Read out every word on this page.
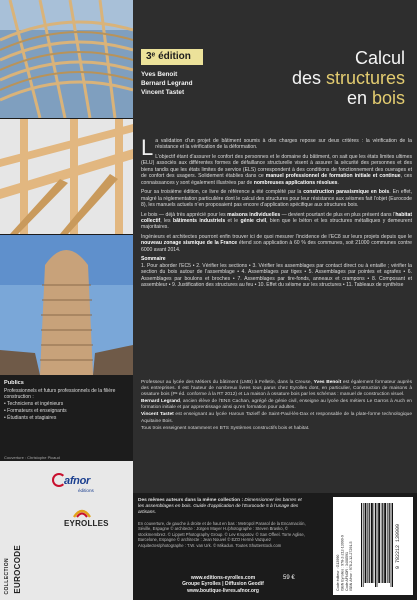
Publics
Professionnels et futurs professionnels de la filière construction :
• Techniciens et ingénieurs
• Formateurs et enseignants
• Étudiants et stagiaires
Couverture : Christophe Picaud
COLLECTION EUROCODE
afnor
éditions
EYROLLES
3ᵉ édition
Yves Benoit
Bernard Legrand
Vincent Tastet
Calcul
des structures
en bois

La validation d’un projet de bâtiment soumis à des charges repose sur deux critères : la vérification de la résistance et la vérification de la déformation.

L’objectif étant d’assurer le confort des personnes et le domaine du bâtiment, on sait que les états limites ultimes (ELU) associés aux différentes formes de défaillance structurelle visent à assurer la sécurité des personnes et des biens tandis que les états limites de service (ELS) correspondent à des conditions de fonctionnement des ouvrages et de confort des usagers. Solidement établies dans ce manuel professionnel de formation initiale et continue, ces connaissances y sont également illustrées par de nombreuses applications résolues.

Pour sa troisième édition, ce livre de référence a été complété par la construction parasismique en bois. En effet, malgré la réglementation particulière dont le calcul des structures pour leur résistance aux séismes fait l’objet (Eurocode 8), les manuels actuels n’en proposaient pas encore d’application spécifique aux structures bois.

Le bois — déjà très apprécié pour les maisons individuelles — devient pourtant de plus en plus présent dans l’habitat collectif, les bâtiments industriels et le génie civil, bien que le béton et les structures métalliques y demeurent majoritaires.

Ingénieurs et architectes pourront enfin trouver ici de quoi mesurer l’incidence de l’EC8 sur leurs projets depuis que le nouveau zonage sismique de la France étend son application à 60 % des communes, soit 21000 communes contre 6000 avant 2014.

Sommaire

1. Pour aborder l’EC5 • 2. Vérifier les sections • 3. Vérifier les assemblages par contact direct ou à entaille ; vérifier la section du bois autour de l’assemblage • 4. Assemblages par tiges • 5. Assemblages par pointes et agrafes • 6. Assemblages par boulons et broches • 7. Assemblages par tire-fonds, anneaux et crampons • 8. Composant et assembleur • 9. Justification des structures au feu • 10. Effet du séisme sur les structures • 11. Tableaux de synthèse

Professeur au lycée des Métiers du bâtiment (LMB) à Felletin, dans la Creuse, Yves Benoit est également formateur auprès des entreprises. Il est l’auteur de nombreux livres tous parus chez Eyrolles dont, en particulier, Construction de maisons à ossature bois (Pᵉ éd. conforme à la RT 2012) et La maison à ossature bois par les schémas : manuel de construction visuel.

Bernard Legrand, ancien élève de l’ENS Cachan, agrégé de génie civil, enseigne au lycée des métiers Le Garros à Auch en formation initiale et par apprentissage ainsi qu’en formation pour adultes.

Vincent Tastet est enseignant au lycée Haroun Tazieff de Saint-Paul-lès-Dax et responsable de la plate-forme technologique Aquitaine Bois.

Tous trois enseignent notamment en BTS Systèmes constructifs bois et habitat.

Des mêmes auteurs dans la même collection : Dimensionner les barres et les assemblages en bois. Guide d’application de l’Eurocode 5 à l’usage des artisans.
En couverture, de gauche à droite et de haut en bas : Metropol Parasol de la Encarnación, Séville, Espagne © architecte : Jürgen Mayer H./photographe : Steven Brasko, © stockmembre2. © Lippett Photography Group. © Lev Kropotov. © San Offeel. Torre Aglise, Barcelone, Espagne © architecte : Jean Nouvel © EZO Hermé Vazquez Arquitectes/photographe : T.W. van Urk. © Mikadun. Toutes Shutterstock.com
www.editions-eyrolles.com
Groupe Eyrolles | Diffusion Geodif
www.boutique-livres.afnor.org
59 €	Code éditeur : G13990 ISBN Eyrolles : 978-2-212-13990-9 Code AFNOR : 3408591 ISBN Afnor : 978-2-12-27291-5	9 782212 139909
